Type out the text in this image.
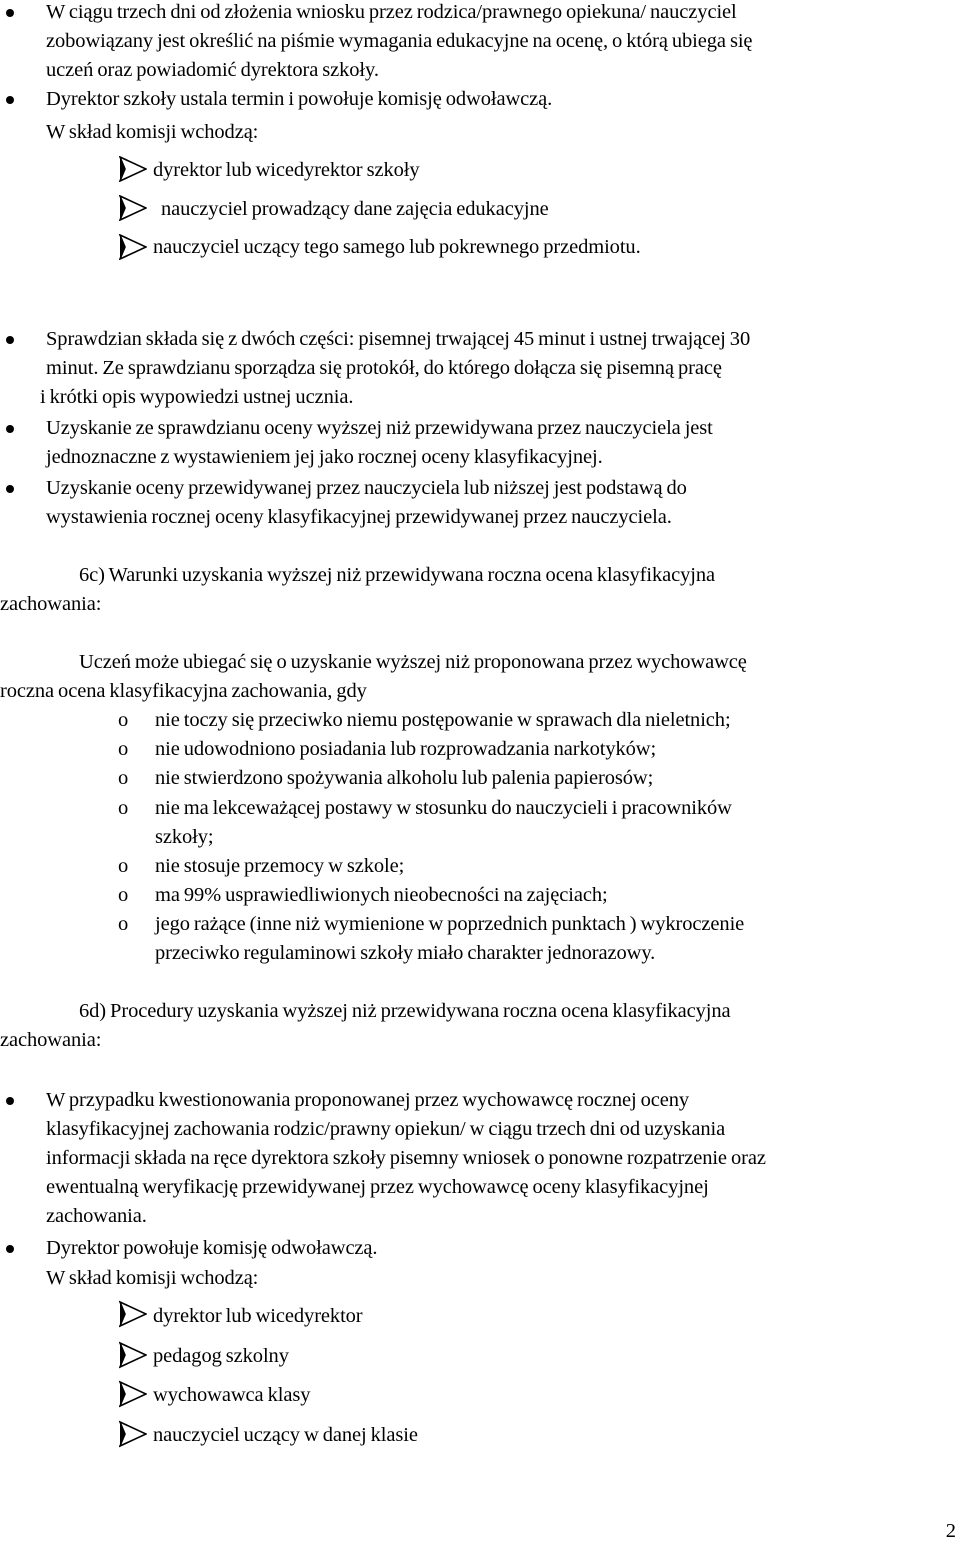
W ciągu trzech dni od złożenia wniosku przez rodzica/prawnego opiekuna/ nauczyciel
zobowiązany jest określić na piśmie wymagania edukacyjne na ocenę, o którą ubiega się
uczeń oraz powiadomić dyrektora szkoły.
Dyrektor szkoły ustala termin i powołuje komisję odwoławczą.
W skład komisji wchodzą:
dyrektor lub wicedyrektor szkoły
nauczyciel prowadzący dane zajęcia edukacyjne
nauczyciel uczący tego samego lub pokrewnego przedmiotu.
Sprawdzian składa się z dwóch części: pisemnej trwającej 45 minut i ustnej trwającej 30
minut. Ze sprawdzianu sporządza się protokół, do którego dołącza się pisemną pracę
i krótki opis wypowiedzi ustnej ucznia.
Uzyskanie ze sprawdzianu oceny wyższej niż przewidywana przez nauczyciela jest
jednoznaczne z wystawieniem jej jako rocznej oceny klasyfikacyjnej.
Uzyskanie oceny przewidywanej przez nauczyciela lub niższej jest podstawą do
wystawienia rocznej oceny klasyfikacyjnej przewidywanej przez nauczyciela.
6c) Warunki uzyskania wyższej niż przewidywana roczna ocena klasyfikacyjna
zachowania:
Uczeń może ubiegać się o uzyskanie wyższej niż proponowana przez wychowawcę
roczna ocena klasyfikacyjna zachowania, gdy
o nie toczy się przeciwko niemu postępowanie w sprawach dla nieletnich;
o nie udowodniono posiadania lub rozprowadzania narkotyków;
o nie stwierdzono spożywania alkoholu lub palenia papierosów;
o nie ma lekceważącej postawy w stosunku do nauczycieli i pracowników
szkoły;
o nie stosuje przemocy w szkole;
o ma 99% usprawiedliwionych nieobecności na zajęciach;
o jego rażące (inne niż wymienione w poprzednich punktach ) wykroczenie
przeciwko regulaminowi szkoły miało charakter jednorazowy.
6d) Procedury uzyskania wyższej niż przewidywana roczna ocena klasyfikacyjna
zachowania:
W przypadku kwestionowania proponowanej przez wychowawcę rocznej oceny
klasyfikacyjnej zachowania rodzic/prawny opiekun/ w ciągu trzech dni od uzyskania
informacji składa na ręce dyrektora szkoły pisemny wniosek o ponowne rozpatrzenie oraz
ewentualną weryfikację przewidywanej przez wychowawcę oceny klasyfikacyjnej
zachowania.
Dyrektor powołuje komisję odwoławczą.
W skład komisji wchodzą:
dyrektor lub wicedyrektor
pedagog szkolny
wychowawca klasy
nauczyciel uczący w danej klasie
2
